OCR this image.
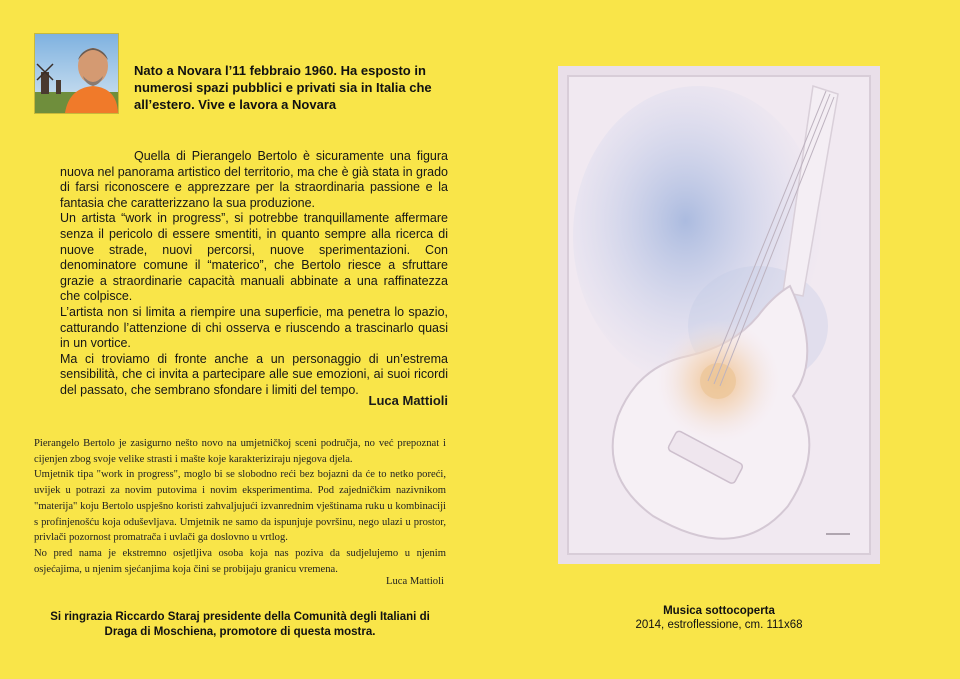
Nato a Novara l’11 febbraio 1960. Ha esposto in numerosi spazi pubblici e privati sia in Italia che all’estero. Vive e lavora a Novara

Quella di Pierangelo Bertolo è sicuramente una figura nuova nel panorama artistico del territorio, ma che è già stata in grado di farsi riconoscere e apprezzare per la straordinaria passione e la fantasia che caratterizzano la sua produzione.

Un artista “work in progress”, si potrebbe tranquillamente affermare senza il pericolo di essere smentiti, in quanto sempre alla ricerca di nuove strade, nuovi percorsi, nuove sperimentazioni. Con denominatore comune il “materico”, che Bertolo riesce a sfruttare grazie a straordinarie capacità manuali abbinate a una raffinatezza che colpisce.

L’artista non si limita a riempire una superficie, ma penetra lo spazio, catturando l’attenzione di chi osserva e riuscendo a trascinarlo quasi in un vortice.

Ma ci troviamo di fronte anche a un personaggio di un’estrema sensibilità, che ci invita a partecipare alle sue emozioni, ai suoi ricordi del passato, che sembrano sfondare i limiti del tempo.

Luca Mattioli

Pierangelo Bertolo je zasigurno nešto novo na umjetničkoj sceni područja, no već prepoznat i cijenjen zbog svoje velike strasti i mašte koje karakteriziraju njegova djela.

Umjetnik tipa "work in progress", moglo bi se slobodno reći bez bojazni da će to netko poreći, uvijek u potrazi za novim putovima i novim eksperimentima. Pod zajedničkim nazivnikom "materija" koju Bertolo uspješno koristi zahvaljujući izvanrednim vještinama ruku u kombinaciji s profinjenošću koja oduševljava. Umjetnik ne samo da ispunjuje površinu, nego ulazi u prostor, privlači pozornost promatrača i uvlači ga doslovno u vrtlog.

No pred nama je ekstremno osjetljiva osoba koja nas poziva da sudjelujemo u njenim osjećajima, u njenim sjećanjima koja čini se probijaju granicu vremena.

Luca Mattioli
Si ringrazia Riccardo Staraj presidente della Comunità degli Italiani di Draga di Moschiena, promotore di questa mostra.
Musica sottocoperta
2014, estroflessione, cm. 111x68
